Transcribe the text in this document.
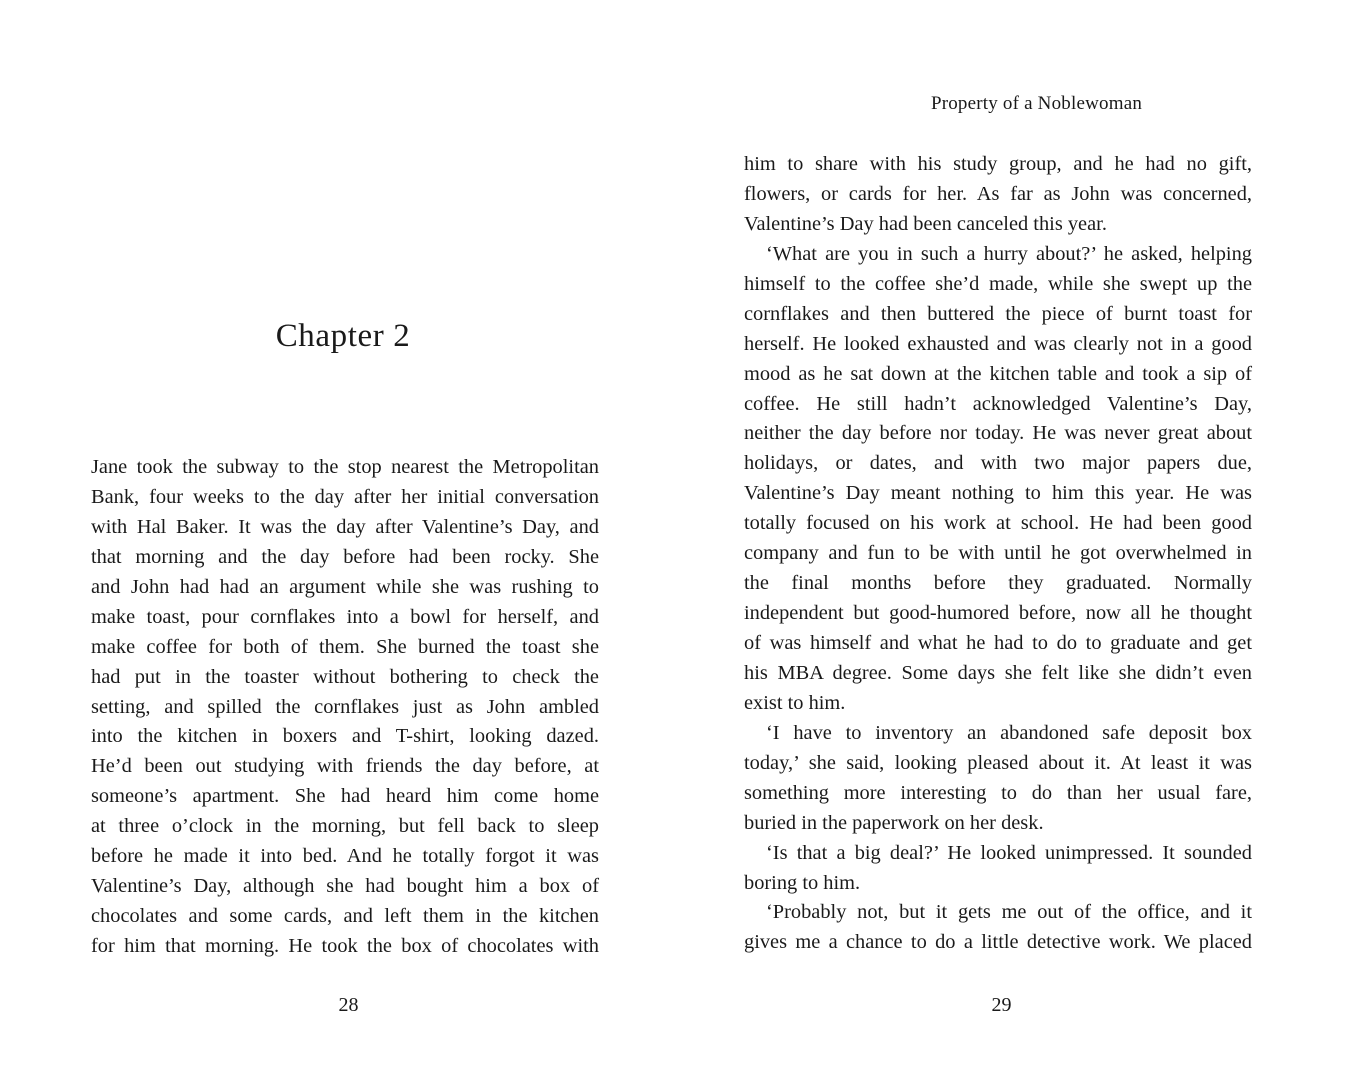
Chapter 2
Jane took the subway to the stop nearest the Metropolitan
Bank, four weeks to the day after her initial conversation
with Hal Baker. It was the day after Valentine’s Day, and
that morning and the day before had been rocky. She
and John had had an argument while she was rushing to
make toast, pour cornflakes into a bowl for herself, and
make coffee for both of them. She burned the toast she
had put in the toaster without bothering to check the
setting, and spilled the cornflakes just as John ambled
into the kitchen in boxers and T-shirt, looking dazed.
He’d been out studying with friends the day before, at
someone’s apartment. She had heard him come home
at three o’clock in the morning, but fell back to sleep
before he made it into bed. And he totally forgot it was
Valentine’s Day, although she had bought him a box of
chocolates and some cards, and left them in the kitchen
for him that morning. He took the box of chocolates with
28
Property of a Noblewoman
him to share with his study group, and he had no gift,
flowers, or cards for her. As far as John was concerned,
Valentine’s Day had been canceled this year.
‘What are you in such a hurry about?’ he asked, helping
himself to the coffee she’d made, while she swept up the
cornflakes and then buttered the piece of burnt toast for
herself. He looked exhausted and was clearly not in a good
mood as he sat down at the kitchen table and took a sip of
coffee. He still hadn’t acknowledged Valentine’s Day,
neither the day before nor today. He was never great about
holidays, or dates, and with two major papers due,
Valentine’s Day meant nothing to him this year. He was
totally focused on his work at school. He had been good
company and fun to be with until he got overwhelmed in
the final months before they graduated. Normally
independent but good-humored before, now all he thought
of was himself and what he had to do to graduate and get
his MBA degree. Some days she felt like she didn’t even
exist to him.
‘I have to inventory an abandoned safe deposit box
today,’ she said, looking pleased about it. At least it was
something more interesting to do than her usual fare,
buried in the paperwork on her desk.
‘Is that a big deal?’ He looked unimpressed. It sounded
boring to him.
‘Probably not, but it gets me out of the office, and it
gives me a chance to do a little detective work. We placed
29
